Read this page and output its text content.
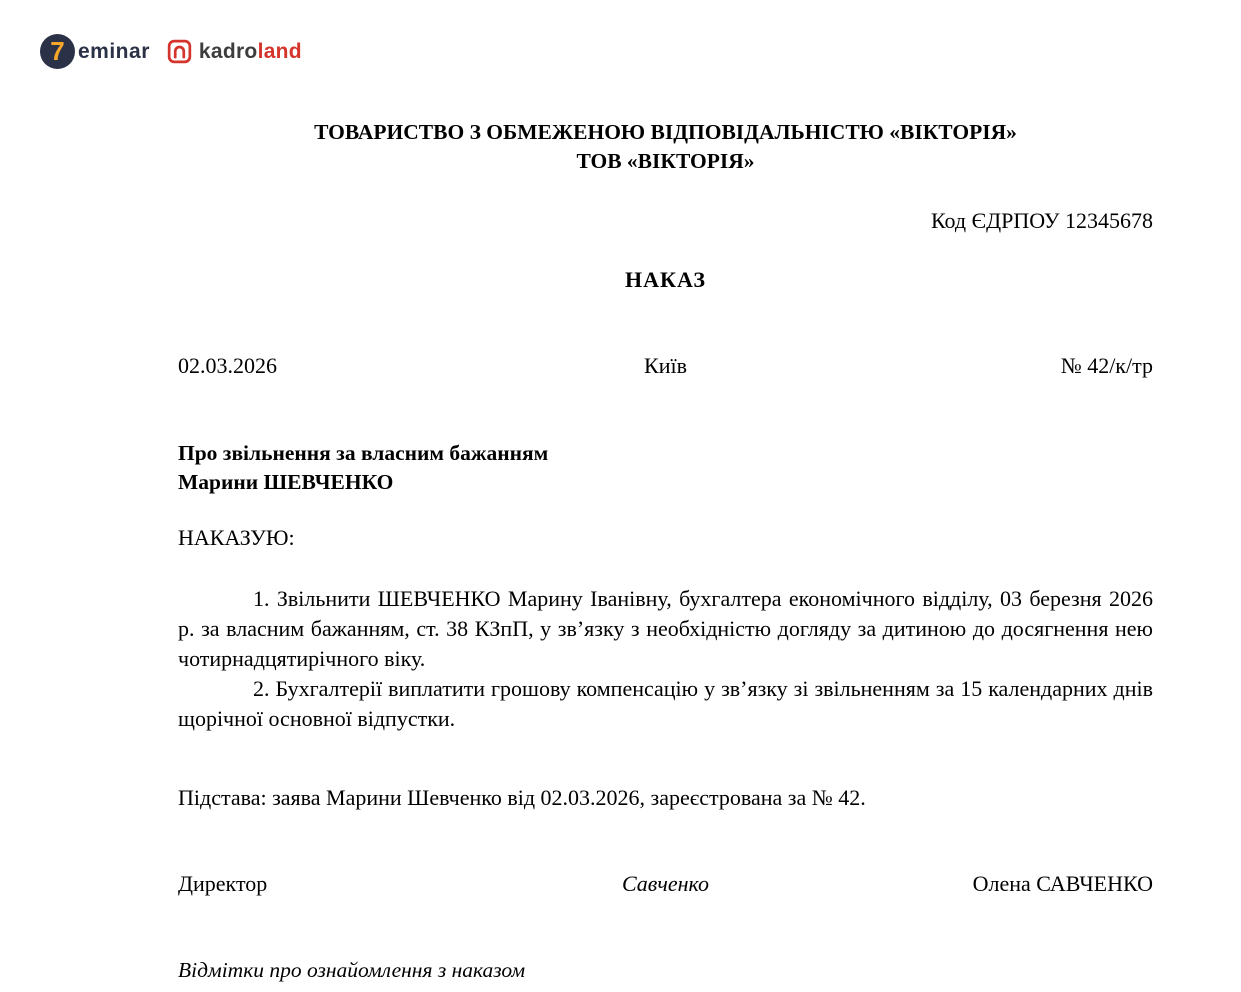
7 eminar kadroland
ТОВАРИСТВО З ОБМЕЖЕНОЮ ВІДПОВІДАЛЬНІСТЮ «ВІКТОРІЯ»
ТОВ «ВІКТОРІЯ»
Код ЄДРПОУ 12345678
НАКАЗ
02.03.2026	Київ	№ 42/к/тр
Про звільнення за власним бажанням
Марини ШЕВЧЕНКО
НАКАЗУЮ:

1. Звільнити ШЕВЧЕНКО Марину Іванівну, бухгалтера економічного відділу, 03 березня 2026 р. за власним бажанням, ст. 38 КЗпП, у зв’язку з необхідністю догляду за дитиною до досягнення нею чотирнадцятирічного віку.

2. Бухгалтерії виплатити грошову компенсацію у зв’язку зі звільненням за 15 календарних днів щорічної основної відпустки.

Підстава: заява Марини Шевченко від 02.03.2026, зареєстрована за № 42.
Директор	Савченко	Олена САВЧЕНКО
Відмітки про ознайомлення з наказом
